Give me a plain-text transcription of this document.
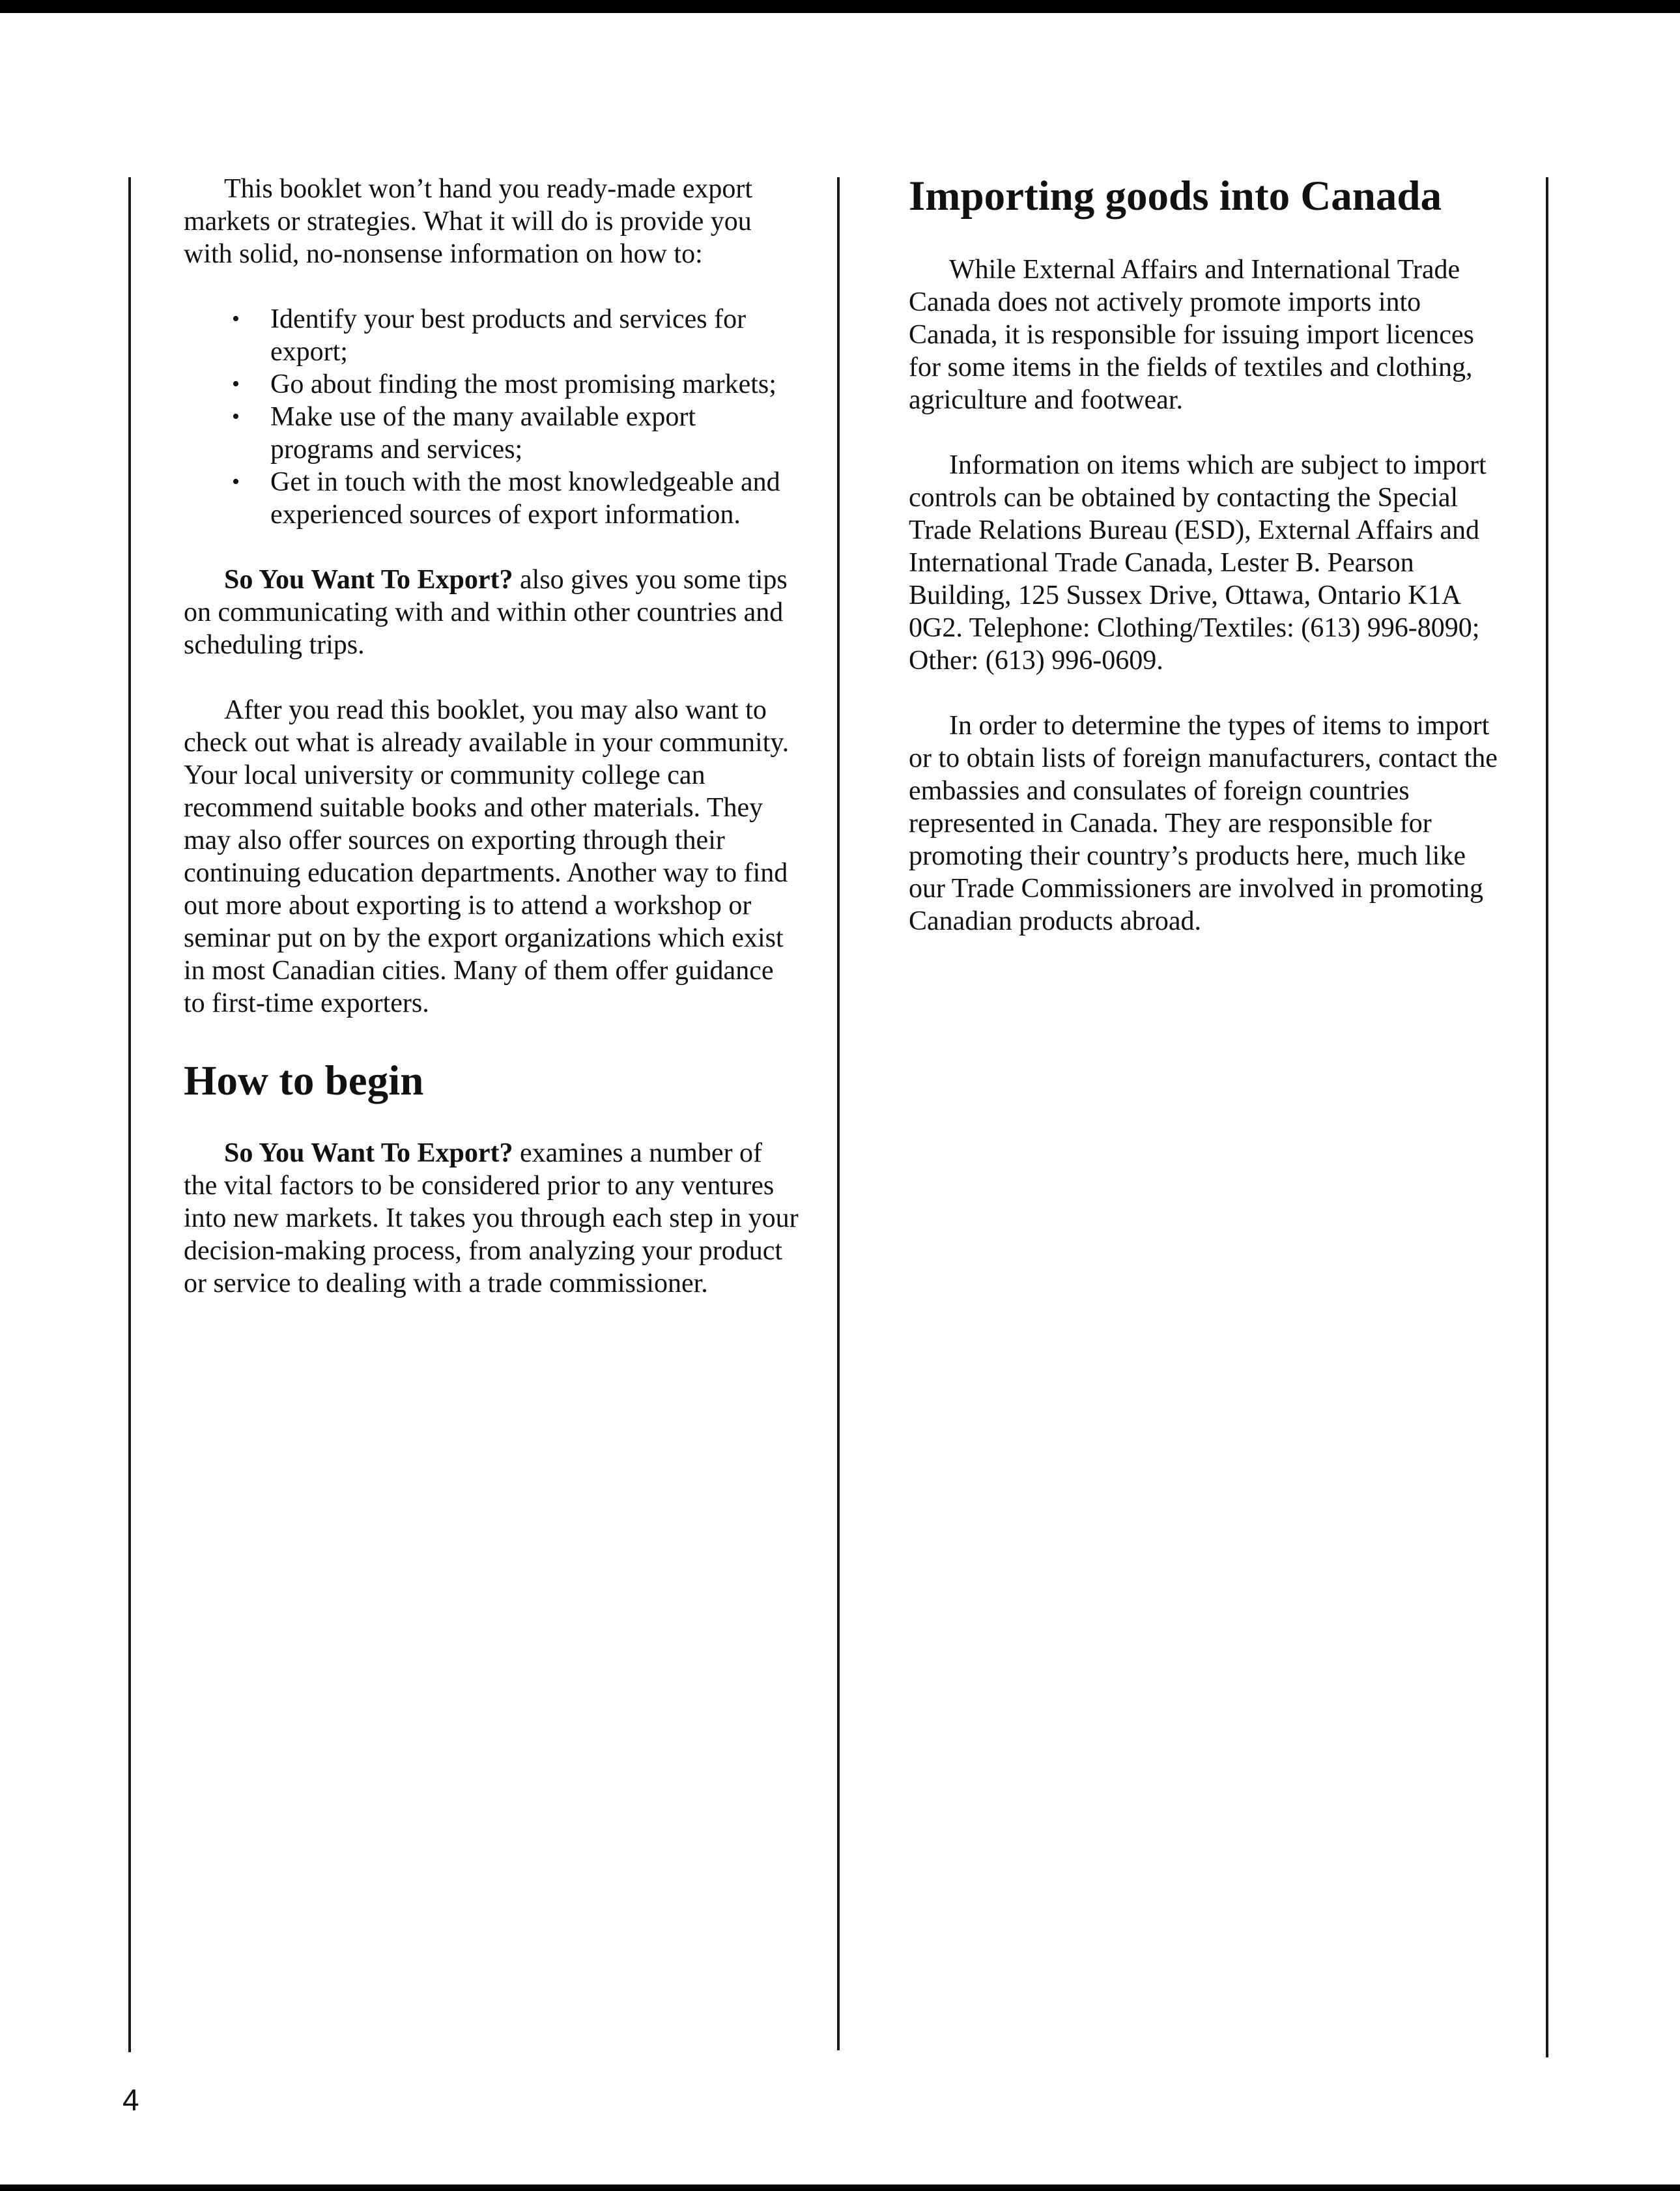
This booklet won’t hand you ready-made export markets or strategies. What it will do is provide you with solid, no-nonsense information on how to:

• Identify your best products and services for export;
• Go about finding the most promising markets;
• Make use of the many available export programs and services;
• Get in touch with the most knowledgeable and experienced sources of export information.

So You Want To Export? also gives you some tips on communicating with and within other countries and scheduling trips.

After you read this booklet, you may also want to check out what is already available in your community. Your local university or community college can recommend suitable books and other materials. They may also offer sources on exporting through their continuing education departments. Another way to find out more about exporting is to attend a workshop or seminar put on by the export organizations which exist in most Canadian cities. Many of them offer guidance to first-time exporters.

How to begin

So You Want To Export? examines a number of the vital factors to be considered prior to any ventures into new markets. It takes you through each step in your decision-making process, from analyzing your product or service to dealing with a trade commissioner.

Importing goods into Canada

While External Affairs and International Trade Canada does not actively promote imports into Canada, it is responsible for issuing import licences for some items in the fields of textiles and clothing, agriculture and footwear.

Information on items which are subject to import controls can be obtained by contacting the Special Trade Relations Bureau (ESD), External Affairs and International Trade Canada, Lester B. Pearson Building, 125 Sussex Drive, Ottawa, Ontario K1A 0G2. Telephone: Clothing/Textiles: (613) 996-8090; Other: (613) 996-0609.

In order to determine the types of items to import or to obtain lists of foreign manufacturers, contact the embassies and consulates of foreign countries represented in Canada. They are responsible for promoting their country’s products here, much like our Trade Commissioners are involved in promoting Canadian products abroad.

4
